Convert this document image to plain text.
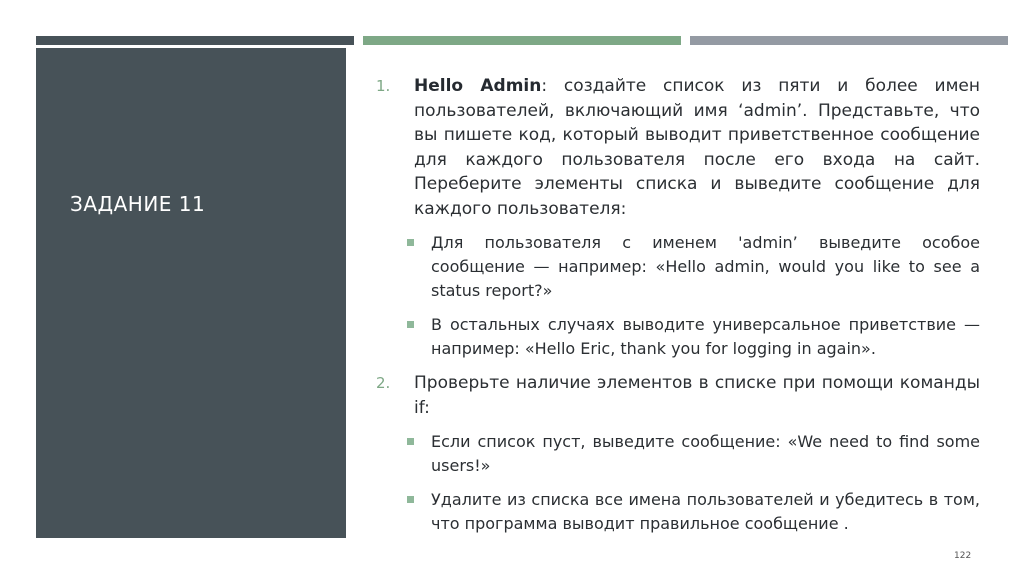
ЗАДАНИЕ 11
1. Hello Admin: создайте список из пяти и более имен пользователей, включающий имя ‘admin’. Представьте, что вы пишете код, который выводит приветственное сообщение для каждого пользователя после его входа на сайт. Переберите элементы списка и выведите сообщение для каждого пользователя:
Для пользователя с именем 'admin’ выведите особое сообщение — например: «Hello admin, would you like to see a status report?»
В остальных случаях выводите универсальное приветствие — например: «Hello Eric, thank you for logging in again».
2. Проверьте наличие элементов в списке при помощи команды if:
Если список пуст, выведите сообщение: «We need to find some users!»
Удалите из списка все имена пользователей и убедитесь в том, что программа выводит правильное сообщение .
122
